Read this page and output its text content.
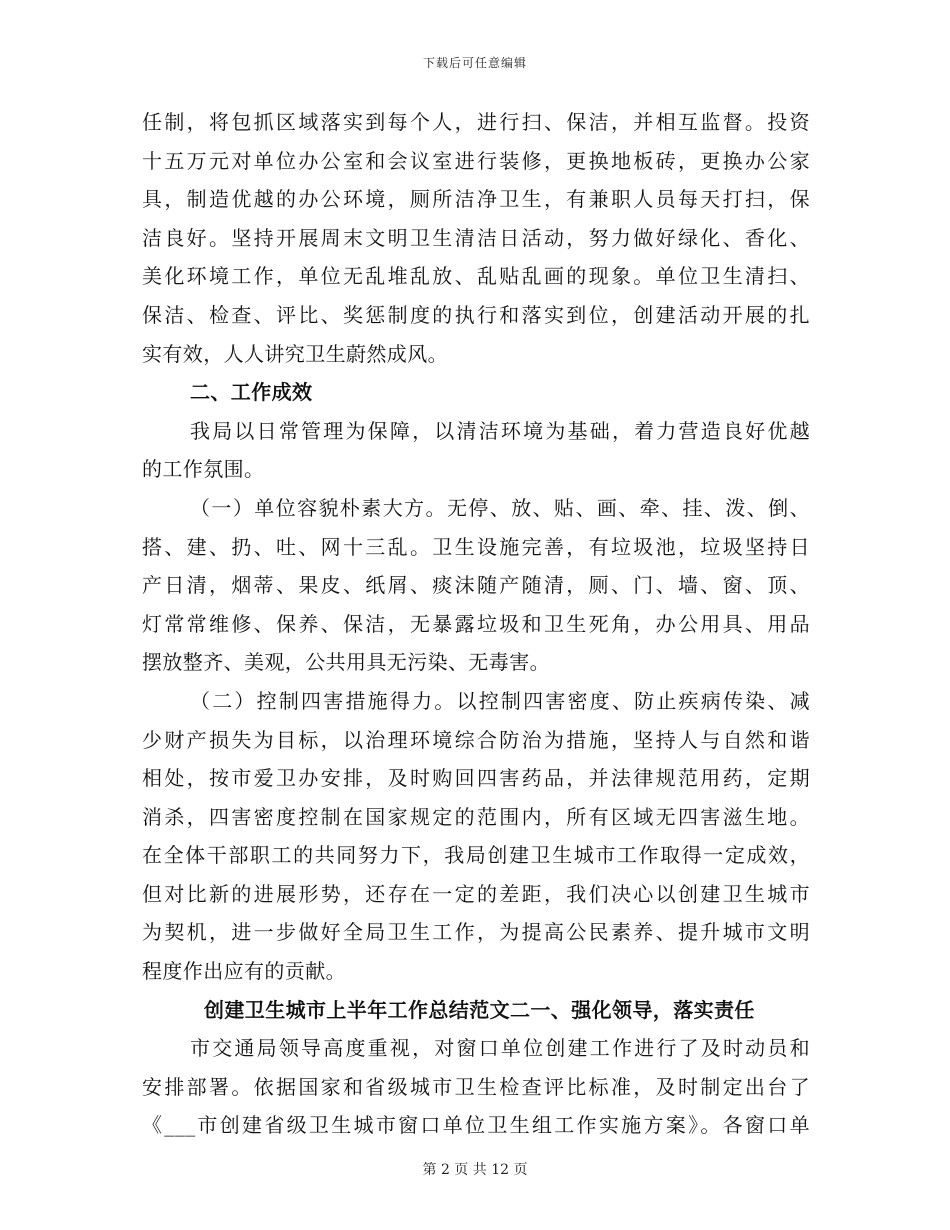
下载后可任意编辑
任制，将包抓区域落实到每个人，进行扫、保洁，并相互监督。投资
十五万元对单位办公室和会议室进行装修，更换地板砖，更换办公家
具，制造优越的办公环境，厕所洁净卫生，有兼职人员每天打扫，保
洁良好。坚持开展周末文明卫生清洁日活动，努力做好绿化、香化、
美化环境工作，单位无乱堆乱放、乱贴乱画的现象。单位卫生清扫、
保洁、检查、评比、奖惩制度的执行和落实到位，创建活动开展的扎
实有效，人人讲究卫生蔚然成风。
二、工作成效
我局以日常管理为保障，以清洁环境为基础，着力营造良好优越
的工作氛围。
（一）单位容貌朴素大方。无停、放、贴、画、牵、挂、泼、倒、
搭、建、扔、吐、网十三乱。卫生设施完善，有垃圾池，垃圾坚持日
产日清，烟蒂、果皮、纸屑、痰沫随产随清，厕、门、墙、窗、顶、
灯常常维修、保养、保洁，无暴露垃圾和卫生死角，办公用具、用品
摆放整齐、美观，公共用具无污染、无毒害。
（二）控制四害措施得力。以控制四害密度、防止疾病传染、减
少财产损失为目标，以治理环境综合防治为措施，坚持人与自然和谐
相处，按市爱卫办安排，及时购回四害药品，并法律规范用药，定期
消杀，四害密度控制在国家规定的范围内，所有区域无四害滋生地。
在全体干部职工的共同努力下，我局创建卫生城市工作取得一定成效，
但对比新的进展形势，还存在一定的差距，我们决心以创建卫生城市
为契机，进一步做好全局卫生工作，为提高公民素养、提升城市文明
程度作出应有的贡献。
创建卫生城市上半年工作总结范文二一、强化领导，落实责任
市交通局领导高度重视，对窗口单位创建工作进行了及时动员和
安排部署。依据国家和省级城市卫生检查评比标准，及时制定出台了
《___市创建省级卫生城市窗口单位卫生组工作实施方案》。各窗口单
第 2 页 共 12 页
